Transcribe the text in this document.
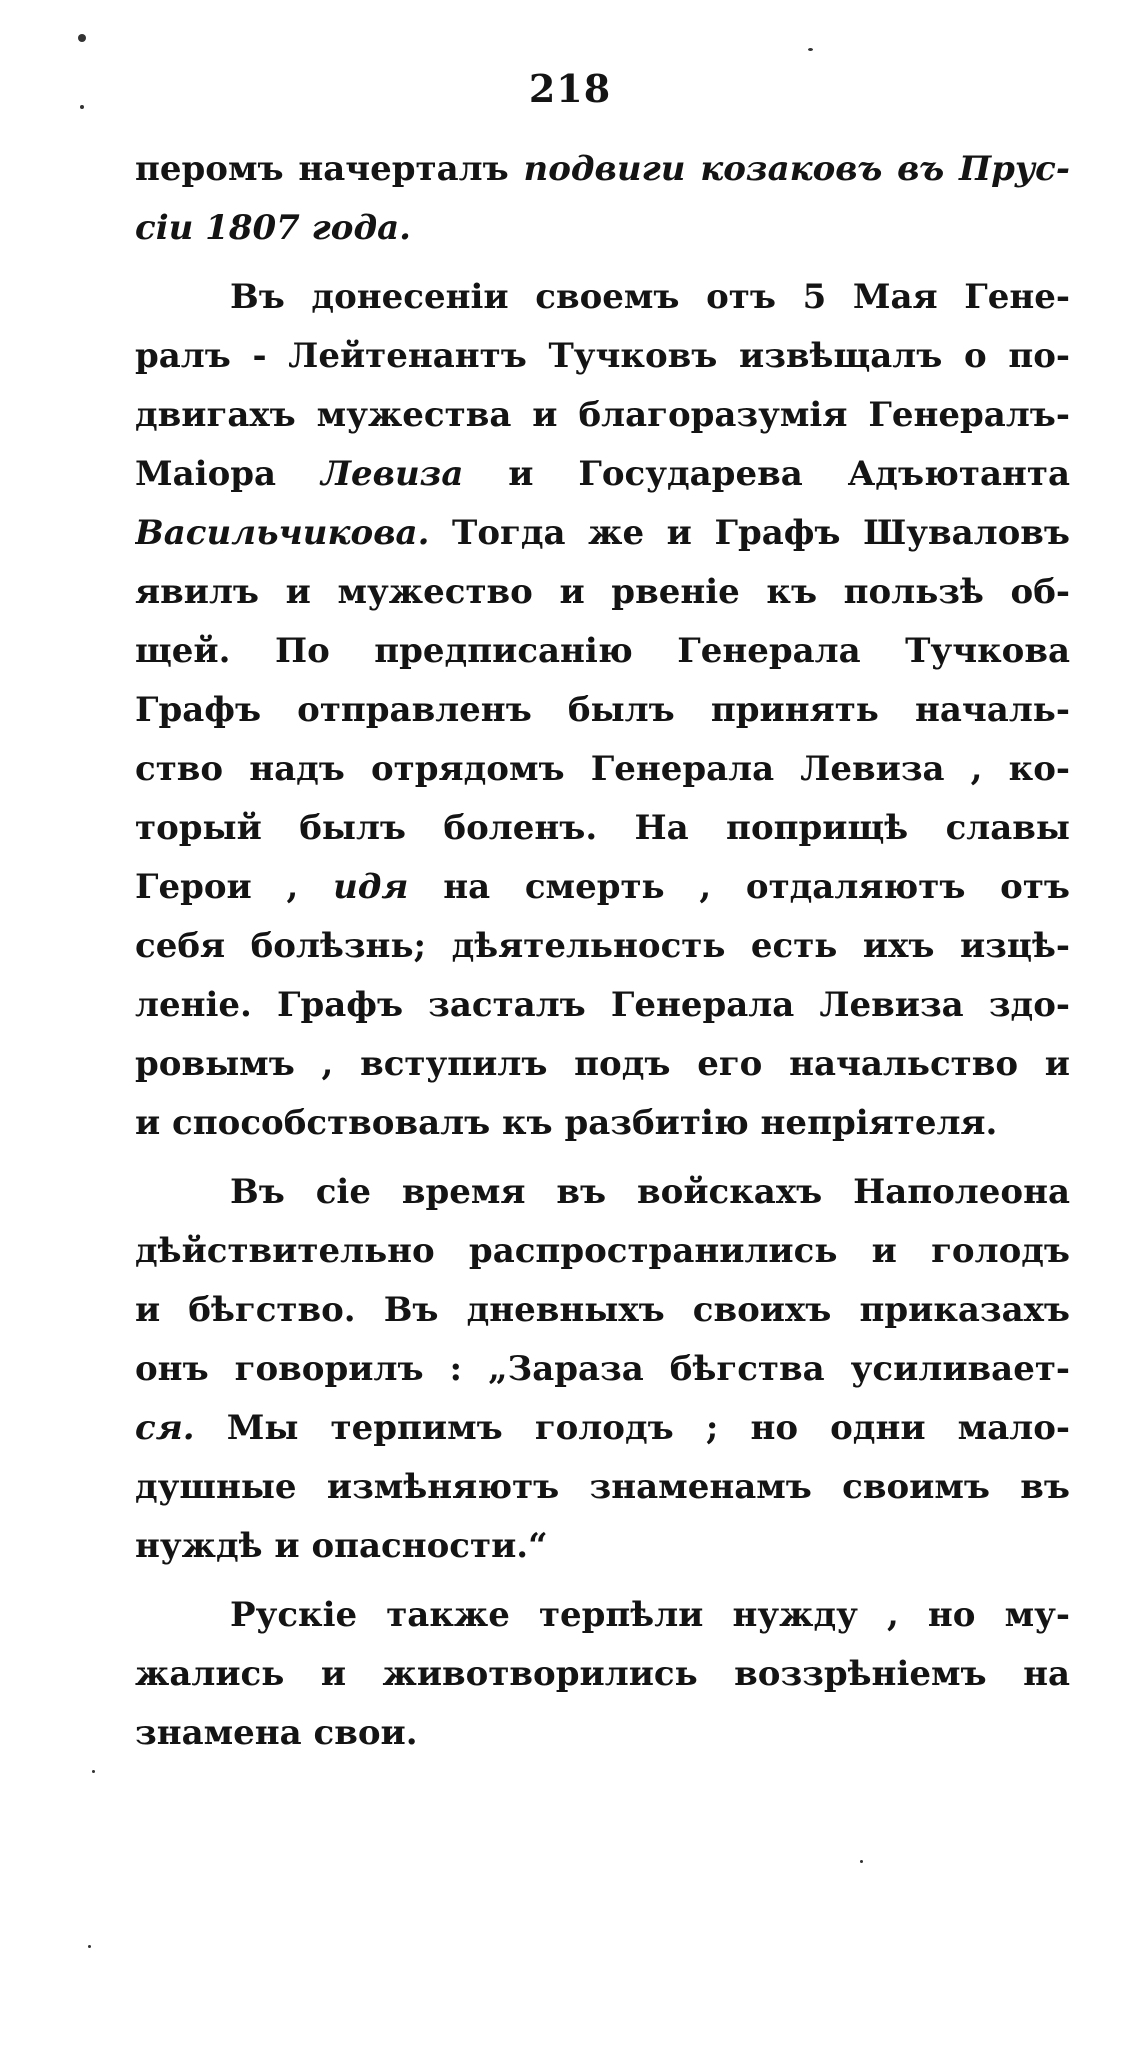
218
перомъ начерталъ подвиги козаковъ въ Прус-
сіи 1807 года.
Въ донесеніи своемъ отъ 5 Мая Гене-
ралъ - Лейтенантъ Тучковъ извѣщалъ о по-
двигахъ мужества и благоразумія Генералъ-
Маіора Левиза и Государева Адъютанта
Васильчикова. Тогда же и Графъ Шуваловъ
явилъ и мужество и рвеніе къ пользѣ об-
щей. По предписанію Генерала Тучкова
Графъ отправленъ былъ принять началь-
ство надъ отрядомъ Генерала Левиза , ко-
торый былъ боленъ. На поприщѣ славы
Герои , идя на смерть , отдаляютъ отъ
себя болѣзнь; дѣятельность есть ихъ изцѣ-
леніе. Графъ засталъ Генерала Левиза здо-
ровымъ , вступилъ подъ его начальство и
и способствовалъ къ разбитію непріятеля.
Въ сіе время въ войскахъ Наполеона
дѣйствительно распространились и голодъ
и бѣгство. Въ дневныхъ своихъ приказахъ
онъ говорилъ : „Зараза бѣгства усиливает-
ся. Мы терпимъ голодъ ; но одни мало-
душные измѣняютъ знаменамъ своимъ въ
нуждѣ и опасности.“
Рускіе также терпѣли нужду , но му-
жались и животворились воззрѣніемъ на
знамена свои.
